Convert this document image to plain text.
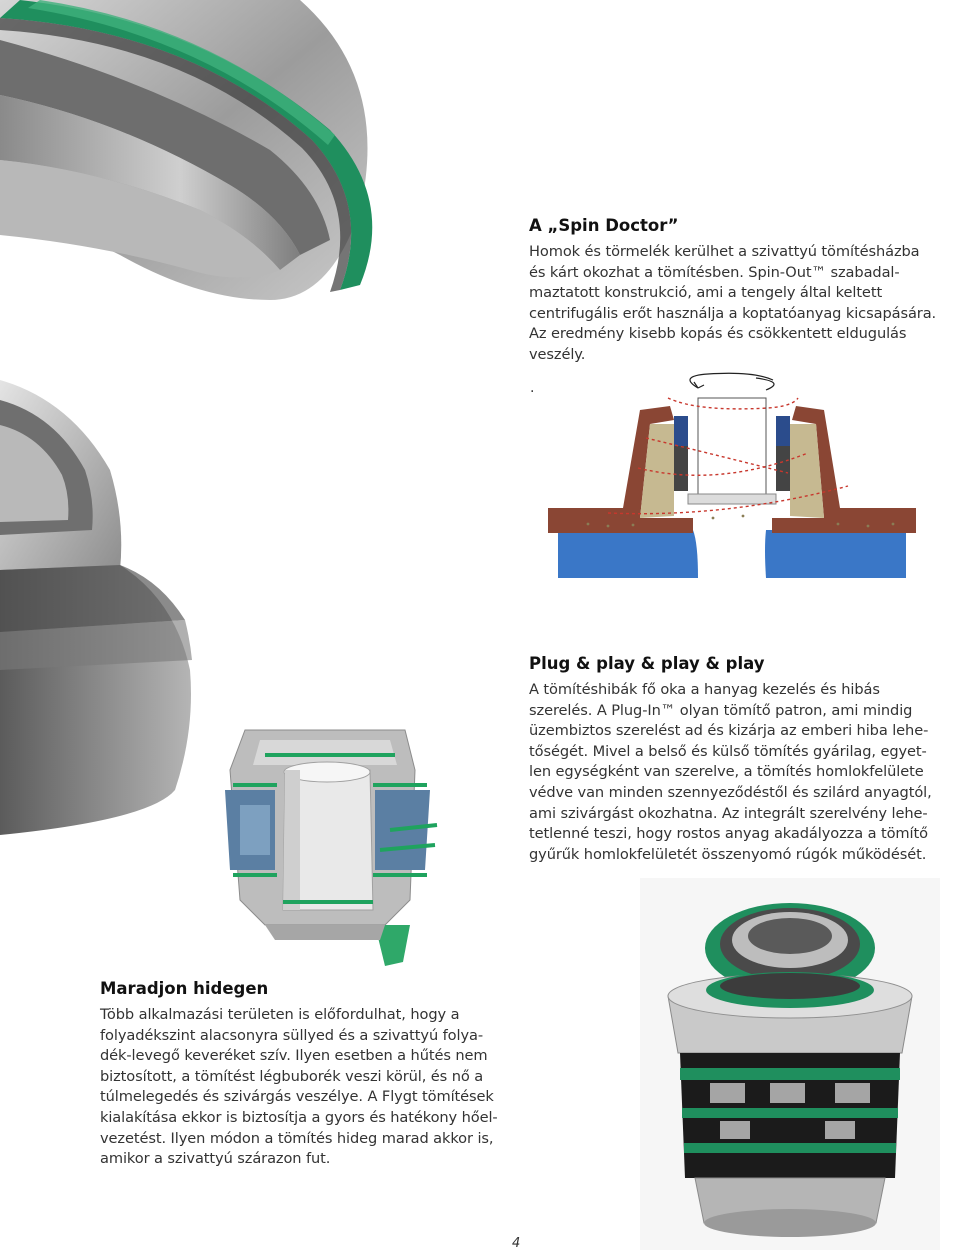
A „Spin Doctor”

Homok és törmelék kerülhet a szivattyú tömítésházba

és kárt okozhat a tömítésben. Spin-Out™ szabadal-

maztatott konstrukció, ami a tengely által keltett

centrifugális erőt használja a koptatóanyag kicsapására.

Az eredmény kisebb kopás és csökkentett eldugulás

veszély.

.
Plug & play & play & play

A tömítéshibák fő oka a hanyag kezelés és hibás

szerelés. A Plug-In™ olyan tömítő patron, ami mindig

üzembiztos szerelést ad és kizárja az emberi hiba lehe-

tőségét. Mivel a belső és külső tömítés gyárilag, egyet-

len egységként van szerelve, a tömítés homlokfelülete

védve van minden szennyeződéstől és szilárd anyagtól,

ami szivárgást okozhatna. Az integrált szerelvény lehe-

tetlenné teszi, hogy rostos anyag akadályozza a tömítő

gyűrűk homlokfelületét összenyomó rúgók működését.

Maradjon hidegen

Több alkalmazási területen is előfordulhat, hogy a

folyadékszint alacsonyra süllyed és a szivattyú folya-

dék-levegő keveréket szív. Ilyen esetben a hűtés nem

biztosított, a tömítést légbuborék veszi körül, és nő a

túlmelegedés és szivárgás veszélye. A Flygt tömítések

kialakítása ekkor is biztosítja a gyors és hatékony hőel-

vezetést. Ilyen módon a tömítés hideg marad akkor is,

amikor a szivattyú szárazon fut.

4
